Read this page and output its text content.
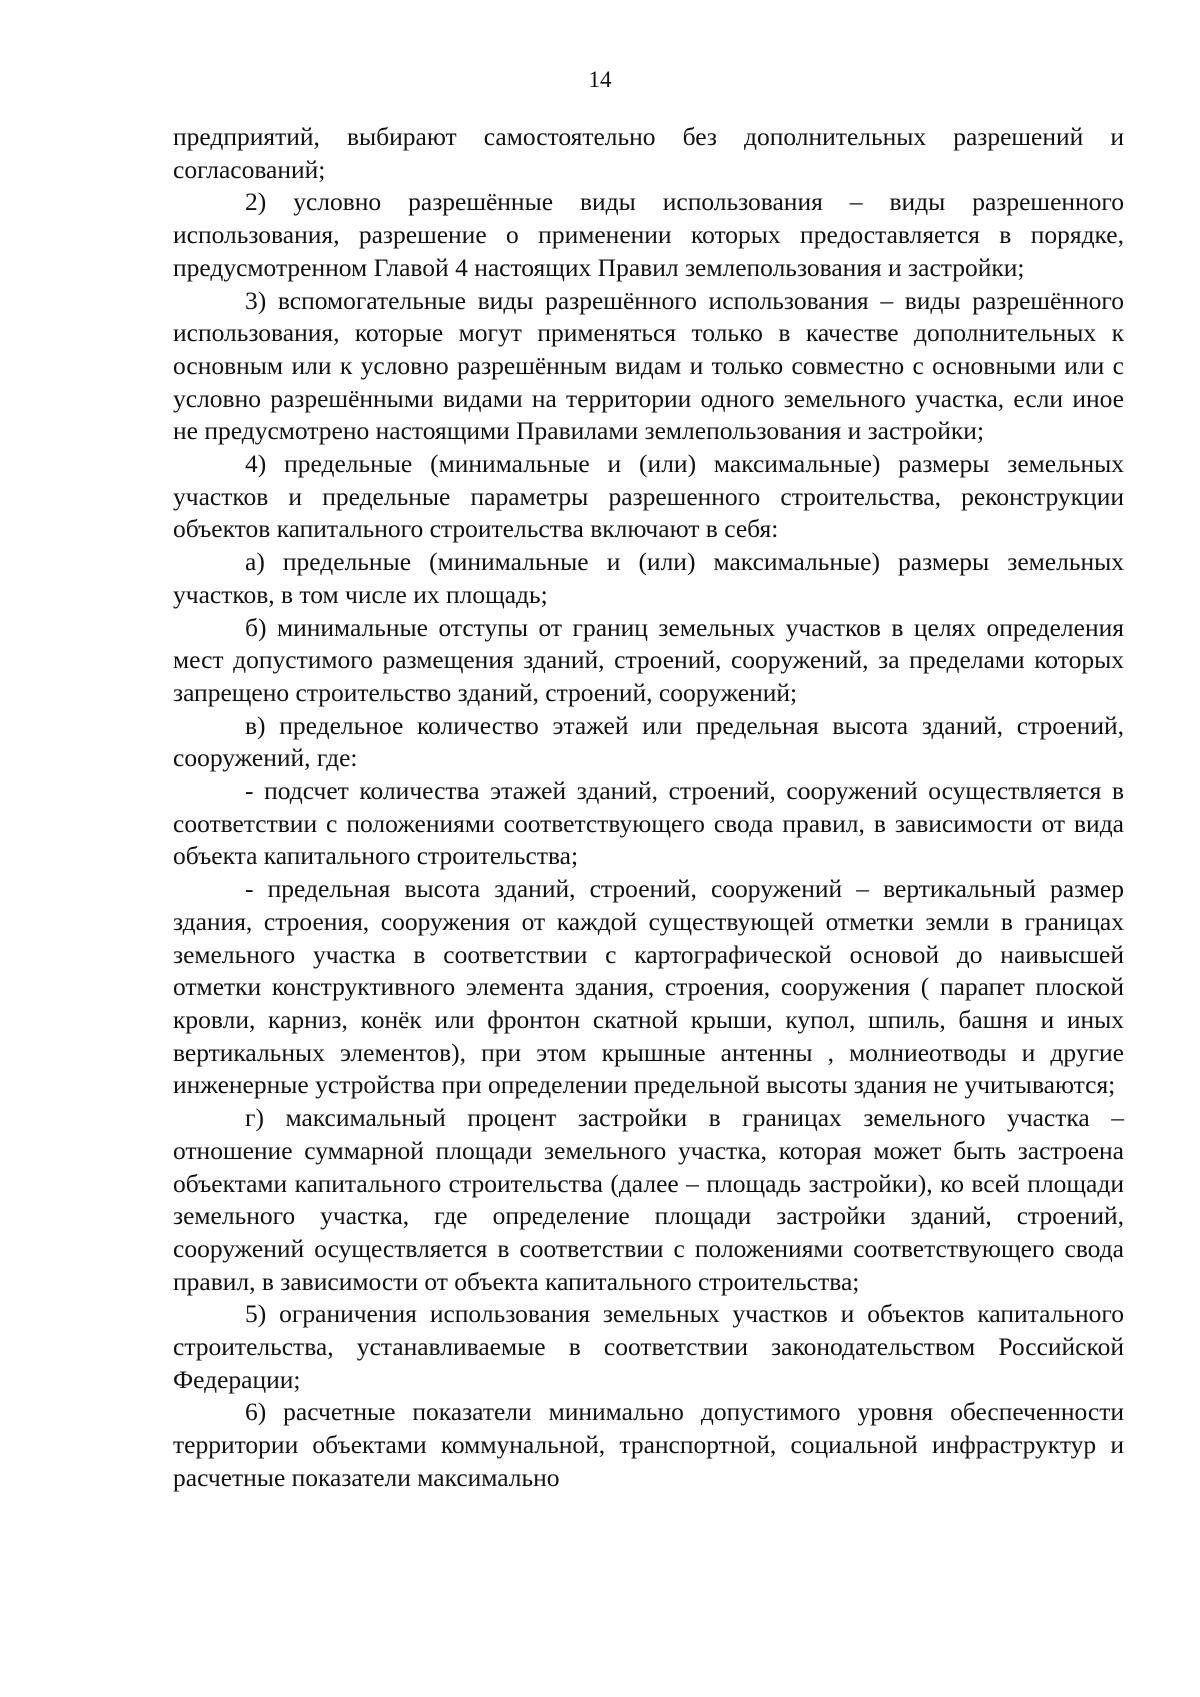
14

предприятий, выбирают самостоятельно без дополнительных разрешений и согласований;

2) условно разрешённые виды использования – виды разрешенного использования, разрешение о применении которых предоставляется в порядке, предусмотренном Главой 4 настоящих Правил землепользования и застройки;

3) вспомогательные виды разрешённого использования – виды разрешённого использования, которые могут применяться только в качестве дополнительных к основным или к условно разрешённым видам и только совместно с основными или с условно разрешёнными видами на территории одного земельного участка, если иное не предусмотрено настоящими Правилами землепользования и застройки;

4) предельные (минимальные и (или) максимальные) размеры земельных участков и предельные параметры разрешенного строительства, реконструкции объектов капитального строительства включают в себя:

а) предельные (минимальные и (или) максимальные) размеры земельных участков, в том числе их площадь;

б) минимальные отступы от границ земельных участков в целях определения мест допустимого размещения зданий, строений, сооружений, за пределами которых запрещено строительство зданий, строений, сооружений;

в) предельное количество этажей или предельная высота зданий, строений, сооружений, где:

- подсчет количества этажей зданий, строений, сооружений осуществляется в соответствии с положениями соответствующего свода правил, в зависимости от вида объекта капитального строительства;

- предельная высота зданий, строений, сооружений – вертикальный размер здания, строения, сооружения от каждой существующей отметки земли в границах земельного участка в соответствии с картографической основой до наивысшей отметки конструктивного элемента здания, строения, сооружения ( парапет плоской кровли, карниз, конёк или фронтон скатной крыши, купол, шпиль, башня и иных вертикальных элементов), при этом крышные антенны , молниеотводы и другие инженерные устройства при определении предельной высоты здания не учитываются;

г) максимальный процент застройки в границах земельного участка – отношение суммарной площади земельного участка, которая может быть застроена объектами капитального строительства (далее – площадь застройки), ко всей площади земельного участка, где определение площади застройки зданий, строений, сооружений осуществляется в соответствии с положениями соответствующего свода правил, в зависимости от объекта капитального строительства;

5) ограничения использования земельных участков и объектов капитального строительства, устанавливаемые в соответствии законодательством Российской Федерации;

6) расчетные показатели минимально допустимого уровня обеспеченности территории объектами коммунальной, транспортной, социальной инфраструктур и расчетные показатели максимально
